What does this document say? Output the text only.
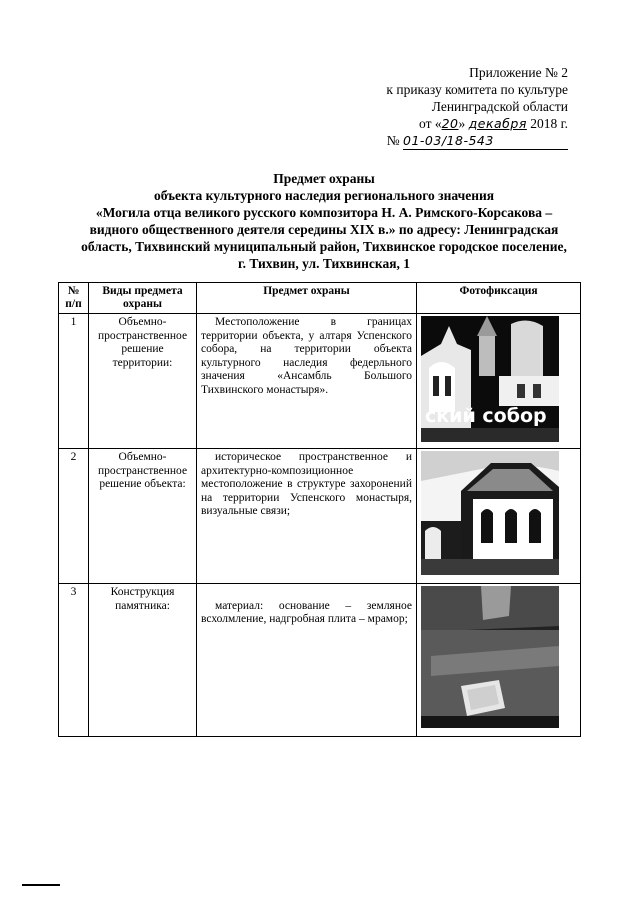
Приложение № 2
к приказу комитета по культуре
Ленинградской области
от «20» декабря 2018 г.
№ 01-03/18-543
Предмет охраны
объекта культурного наследия регионального значения
«Могила отца великого русского композитора Н. А. Римского-Корсакова –
видного общественного деятеля середины XIX в.» по адресу: Ленинградская
область, Тихвинский муниципальный район, Тихвинское городское поселение,
г. Тихвин, ул. Тихвинская, 1
№ п/п	Виды предмета охраны	Предмет охраны	Фотофиксация
1	Объемно-пространственное решение территории:	Местоположение в границах территории объекта, у алтаря Успенского собора, на территории объекта культурного наследия федерльного значения «Ансамбль Большого Тихвинского монастыря».	ский собор

2	Объемно-пространственное решение объекта:	историческое пространственное и архитектурно-композиционное местоположение в структуре захоронений на территории Успенского монастыря, визуальные связи;	

3	Конструкция памятника:	материал: основание – земляное всхолмление, надгробная плита – мрамор;	
